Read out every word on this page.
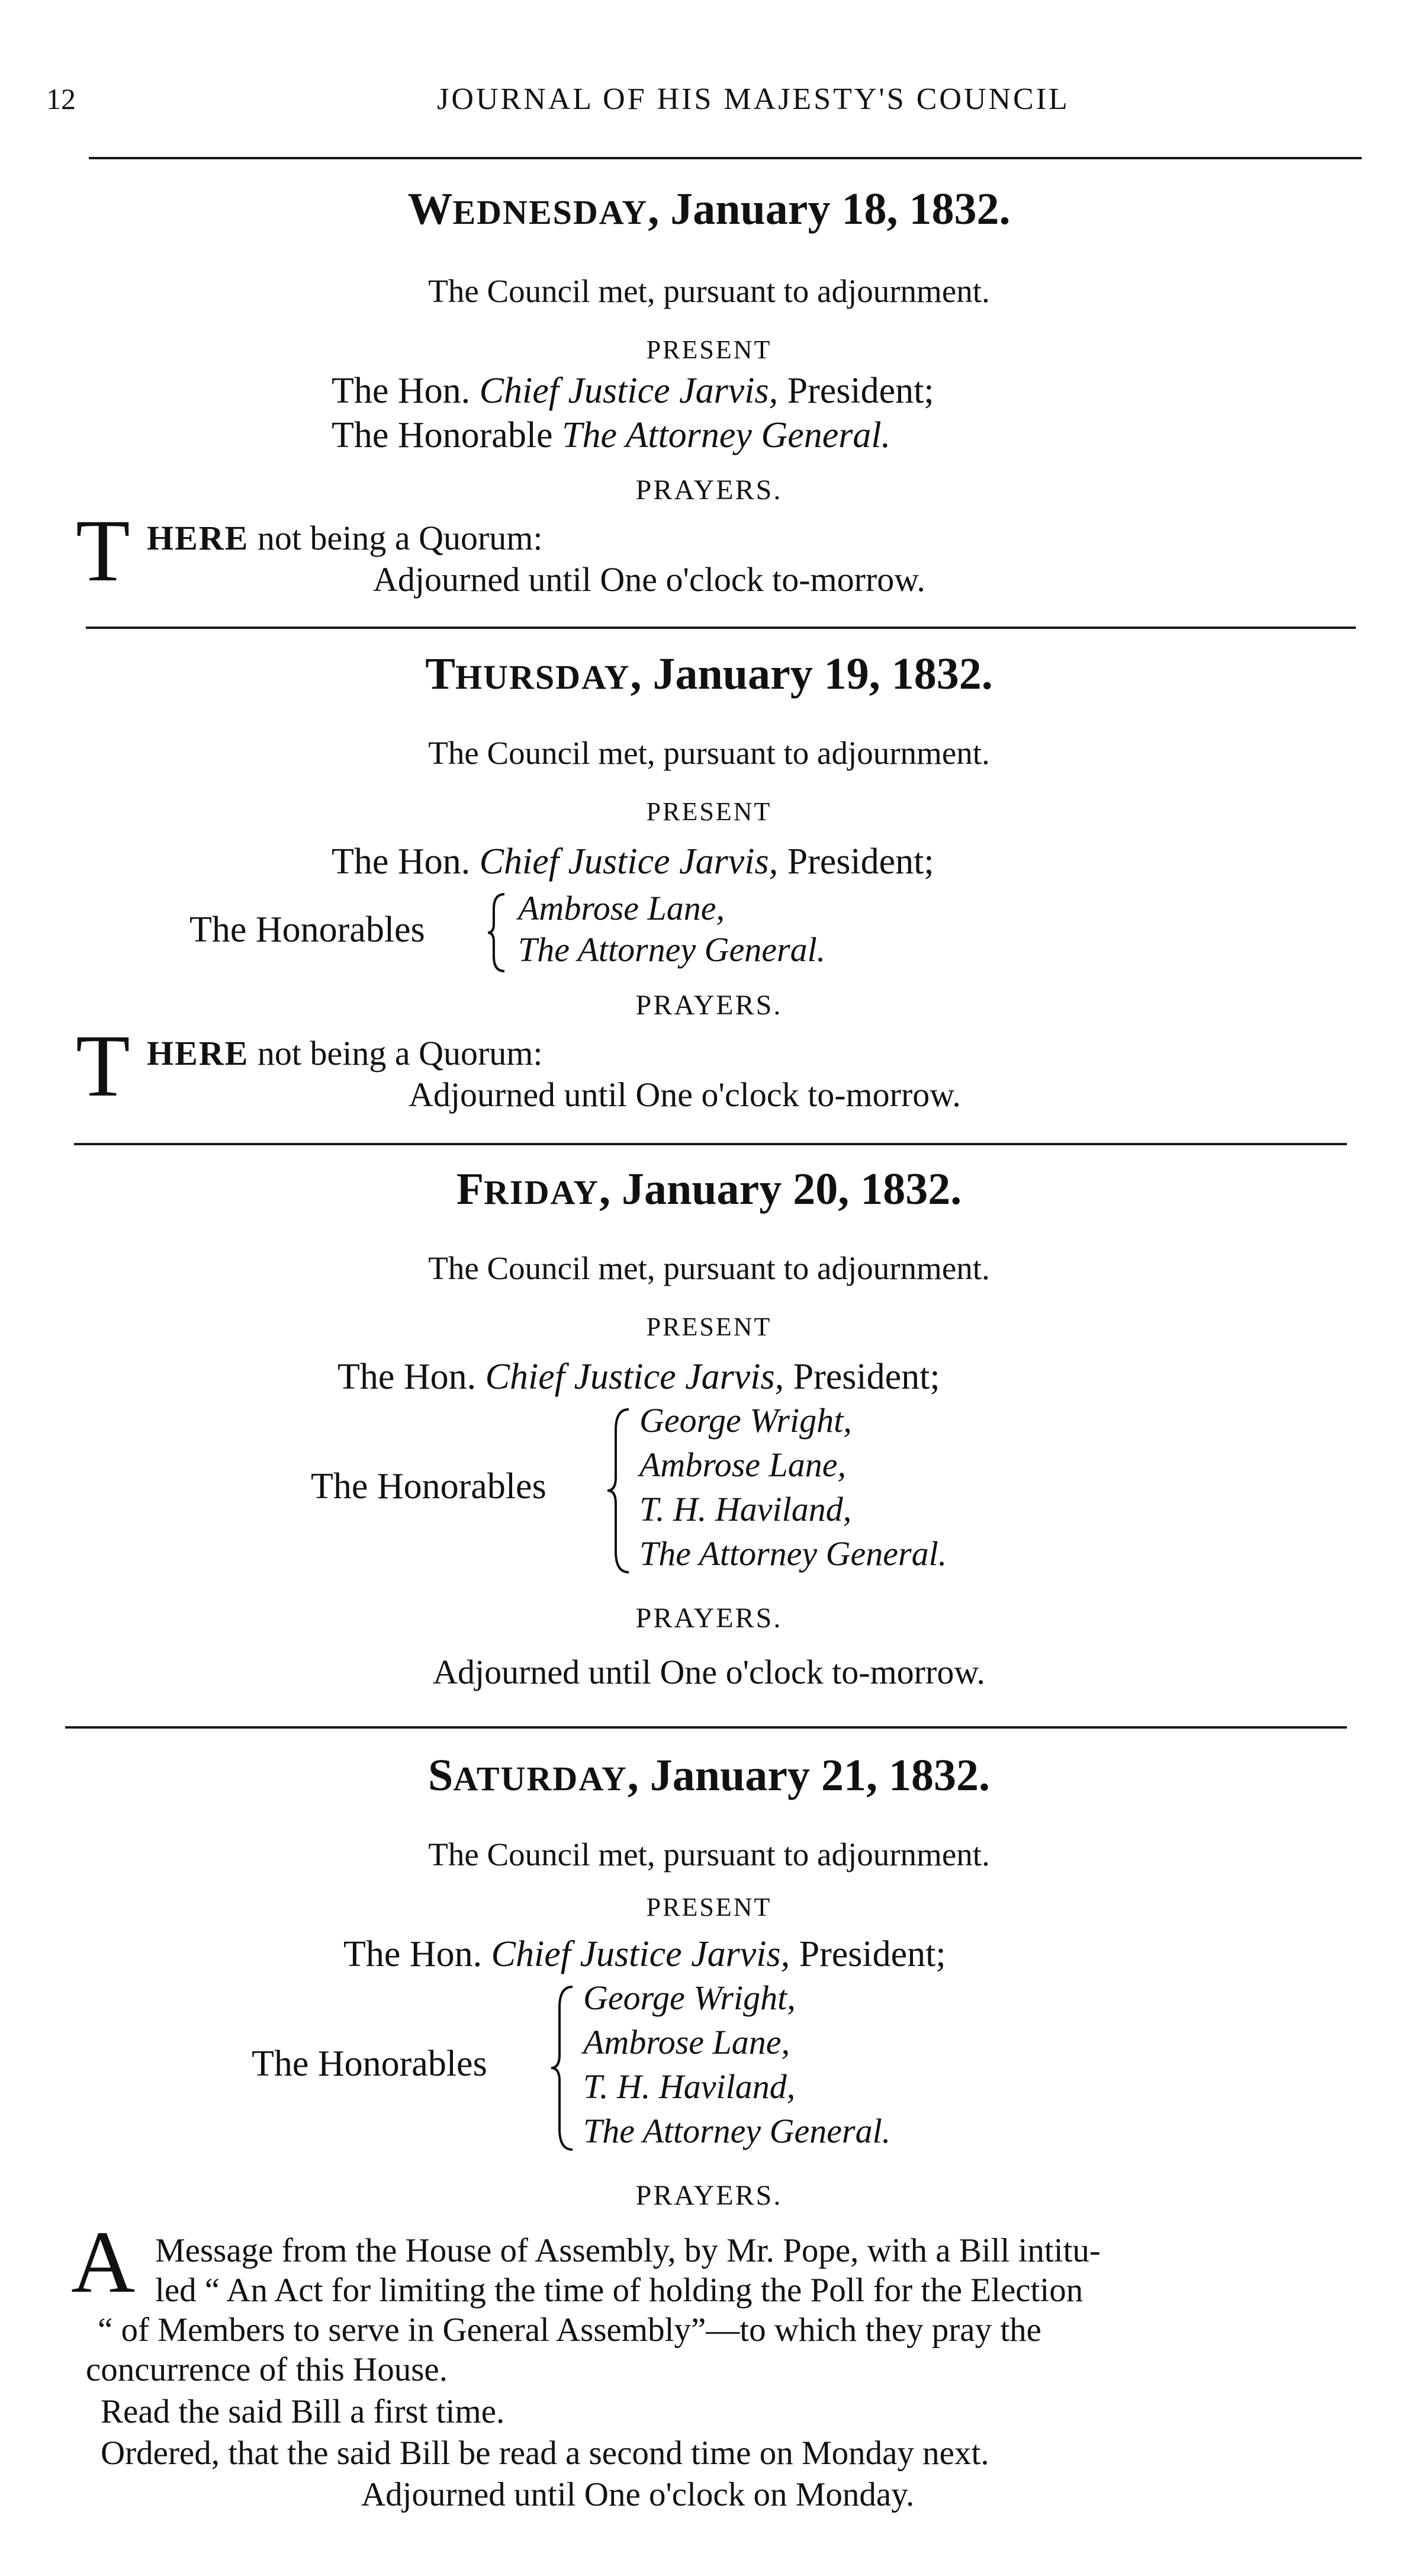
12	JOURNAL OF HIS MAJESTY'S COUNCIL
WEDNESDAY, January 18, 1832.
The Council met, pursuant to adjournment.
PRESENT
The Hon. Chief Justice Jarvis, President;
The Honorable The Attorney General.
PRAYERS.
T HERE not being a Quorum:
Adjourned until One o'clock to-morrow.
THURSDAY, January 19, 1832.
The Council met, pursuant to adjournment.
PRESENT
The Hon. Chief Justice Jarvis, President;
The Honorables
Ambrose Lane,
The Attorney General.
PRAYERS.
T HERE not being a Quorum:
Adjourned until One o'clock to-morrow.
FRIDAY, January 20, 1832.
The Council met, pursuant to adjournment.
PRESENT
The Hon. Chief Justice Jarvis, President;
The Honorables
George Wright,
Ambrose Lane,
T. H. Haviland,
The Attorney General.
PRAYERS.
Adjourned until One o'clock to-morrow.
SATURDAY, January 21, 1832.
The Council met, pursuant to adjournment.
PRESENT
The Hon. Chief Justice Jarvis, President;
The Honorables
George Wright,
Ambrose Lane,
T. H. Haviland,
The Attorney General.
PRAYERS.
A Message from the House of Assembly, by Mr. Pope, with a Bill intitu-
led “ An Act for limiting the time of holding the Poll for the Election
“ of Members to serve in General Assembly”—to which they pray the
concurrence of this House.
Read the said Bill a first time.
Ordered, that the said Bill be read a second time on Monday next.
Adjourned until One o'clock on Monday.
